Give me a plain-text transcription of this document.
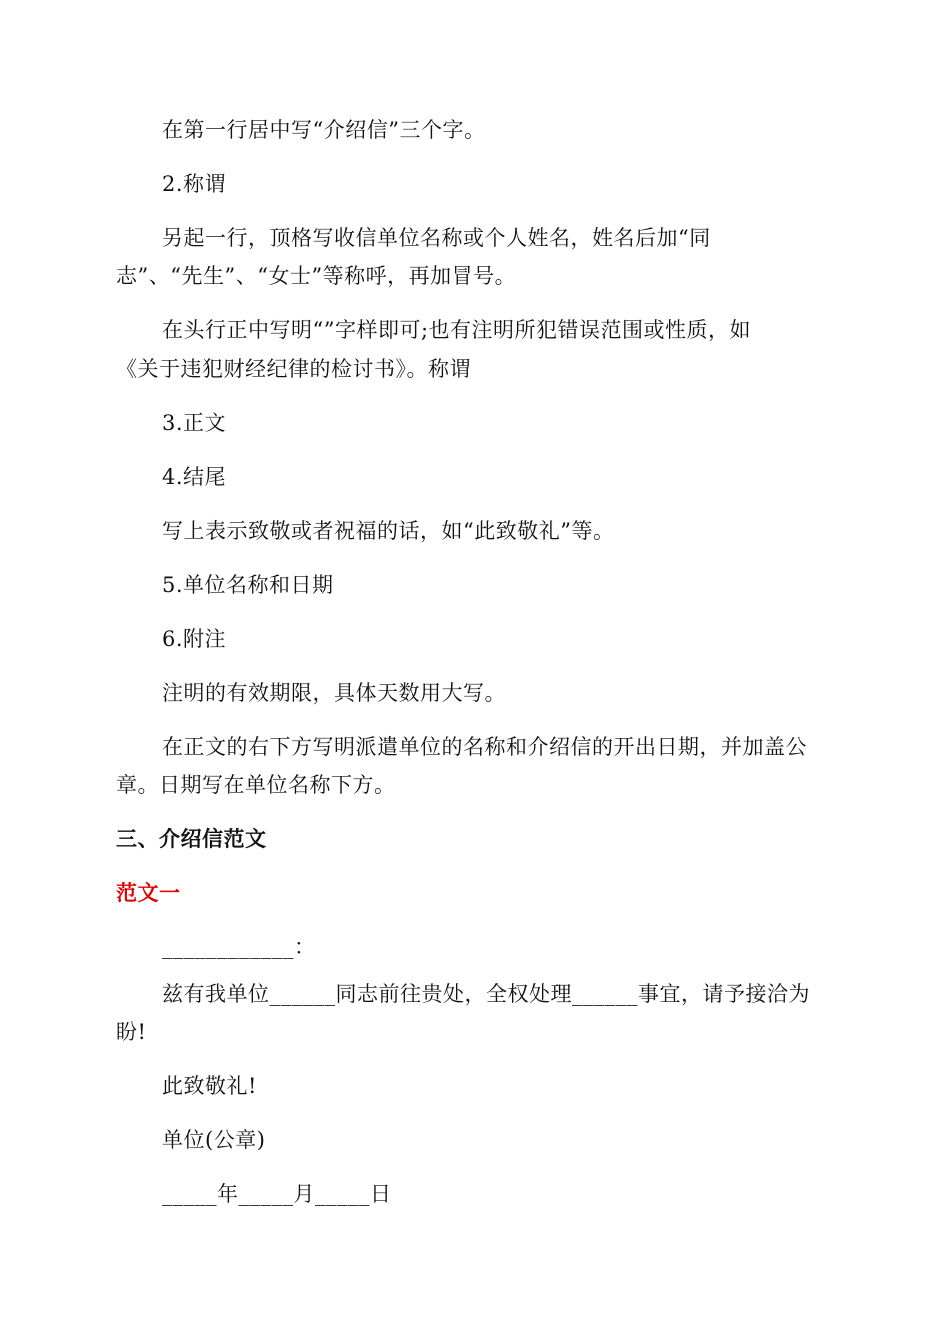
在第一行居中写“介绍信”三个字。
2.称谓
另起一行，顶格写收信单位名称或个人姓名，姓名后加“同
志”、“先生”、“女士”等称呼，再加冒号。
在头行正中写明“”字样即可;也有注明所犯错误范围或性质，如
《关于违犯财经纪律的检讨书》。称谓
3.正文
4.结尾
写上表示致敬或者祝福的话，如“此致敬礼”等。
5.单位名称和日期
6.附注
注明的有效期限，具体天数用大写。
在正文的右下方写明派遣单位的名称和介绍信的开出日期，并加盖公
章。日期写在单位名称下方。
三、介绍信范文
范文一
____________：
兹有我单位______同志前往贵处，全权处理______事宜，请予接洽为
盼!
此致敬礼!
单位(公章)
_____年_____月_____日
